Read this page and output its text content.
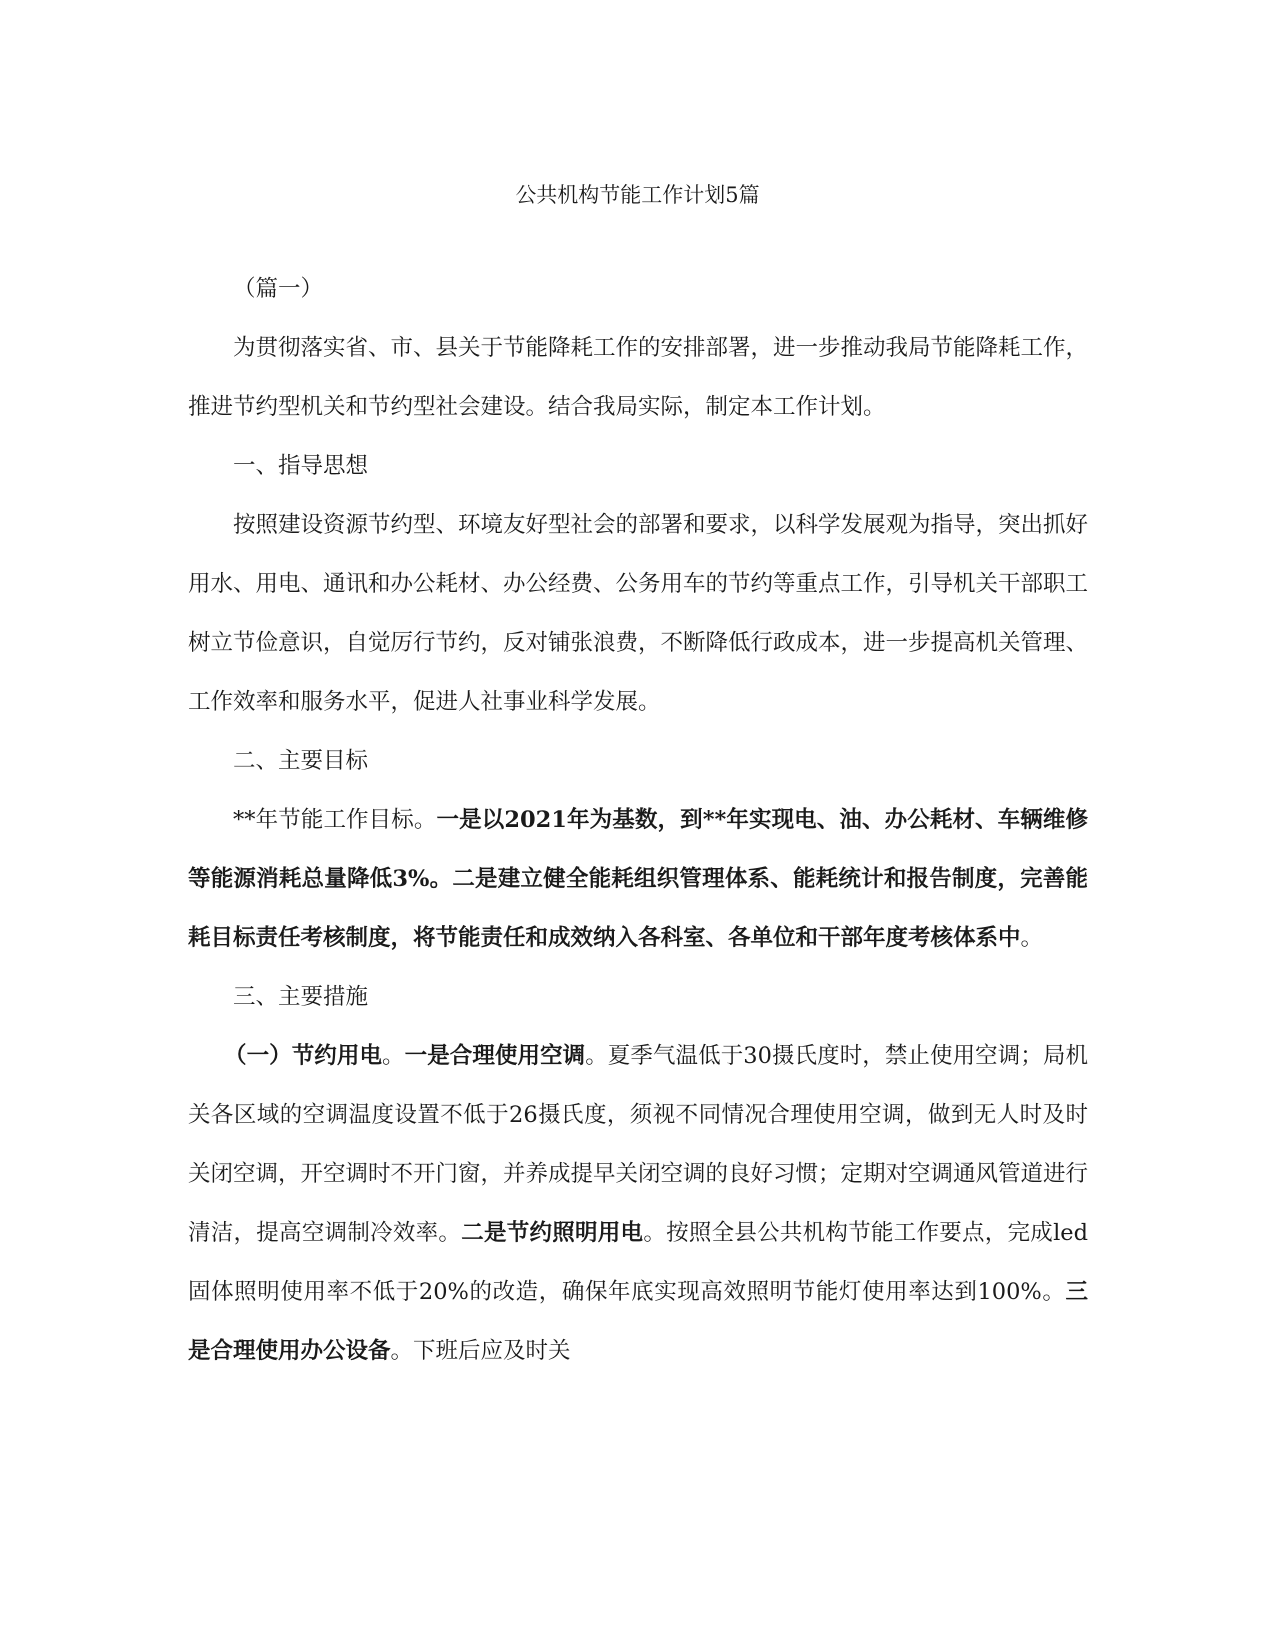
公共机构节能工作计划5篇

（篇一）

为贯彻落实省、市、县关于节能降耗工作的安排部署，进一步推动我局节能降耗工作，推进节约型机关和节约型社会建设。结合我局实际，制定本工作计划。

一、指导思想

按照建设资源节约型、环境友好型社会的部署和要求，以科学发展观为指导，突出抓好用水、用电、通讯和办公耗材、办公经费、公务用车的节约等重点工作，引导机关干部职工树立节俭意识，自觉厉行节约，反对铺张浪费，不断降低行政成本，进一步提高机关管理、工作效率和服务水平，促进人社事业科学发展。

二、主要目标

**年节能工作目标。一是以2021年为基数，到**年实现电、油、办公耗材、车辆维修等能源消耗总量降低3%。二是建立健全能耗组织管理体系、能耗统计和报告制度，完善能耗目标责任考核制度，将节能责任和成效纳入各科室、各单位和干部年度考核体系中。

三、主要措施

（一）节约用电。一是合理使用空调。夏季气温低于30摄氏度时，禁止使用空调；局机关各区域的空调温度设置不低于26摄氏度，须视不同情况合理使用空调，做到无人时及时关闭空调，开空调时不开门窗，并养成提早关闭空调的良好习惯；定期对空调通风管道进行清洁，提高空调制冷效率。二是节约照明用电。按照全县公共机构节能工作要点，完成led固体照明使用率不低于20%的改造，确保年底实现高效照明节能灯使用率达到100%。三是合理使用办公设备。下班后应及时关
